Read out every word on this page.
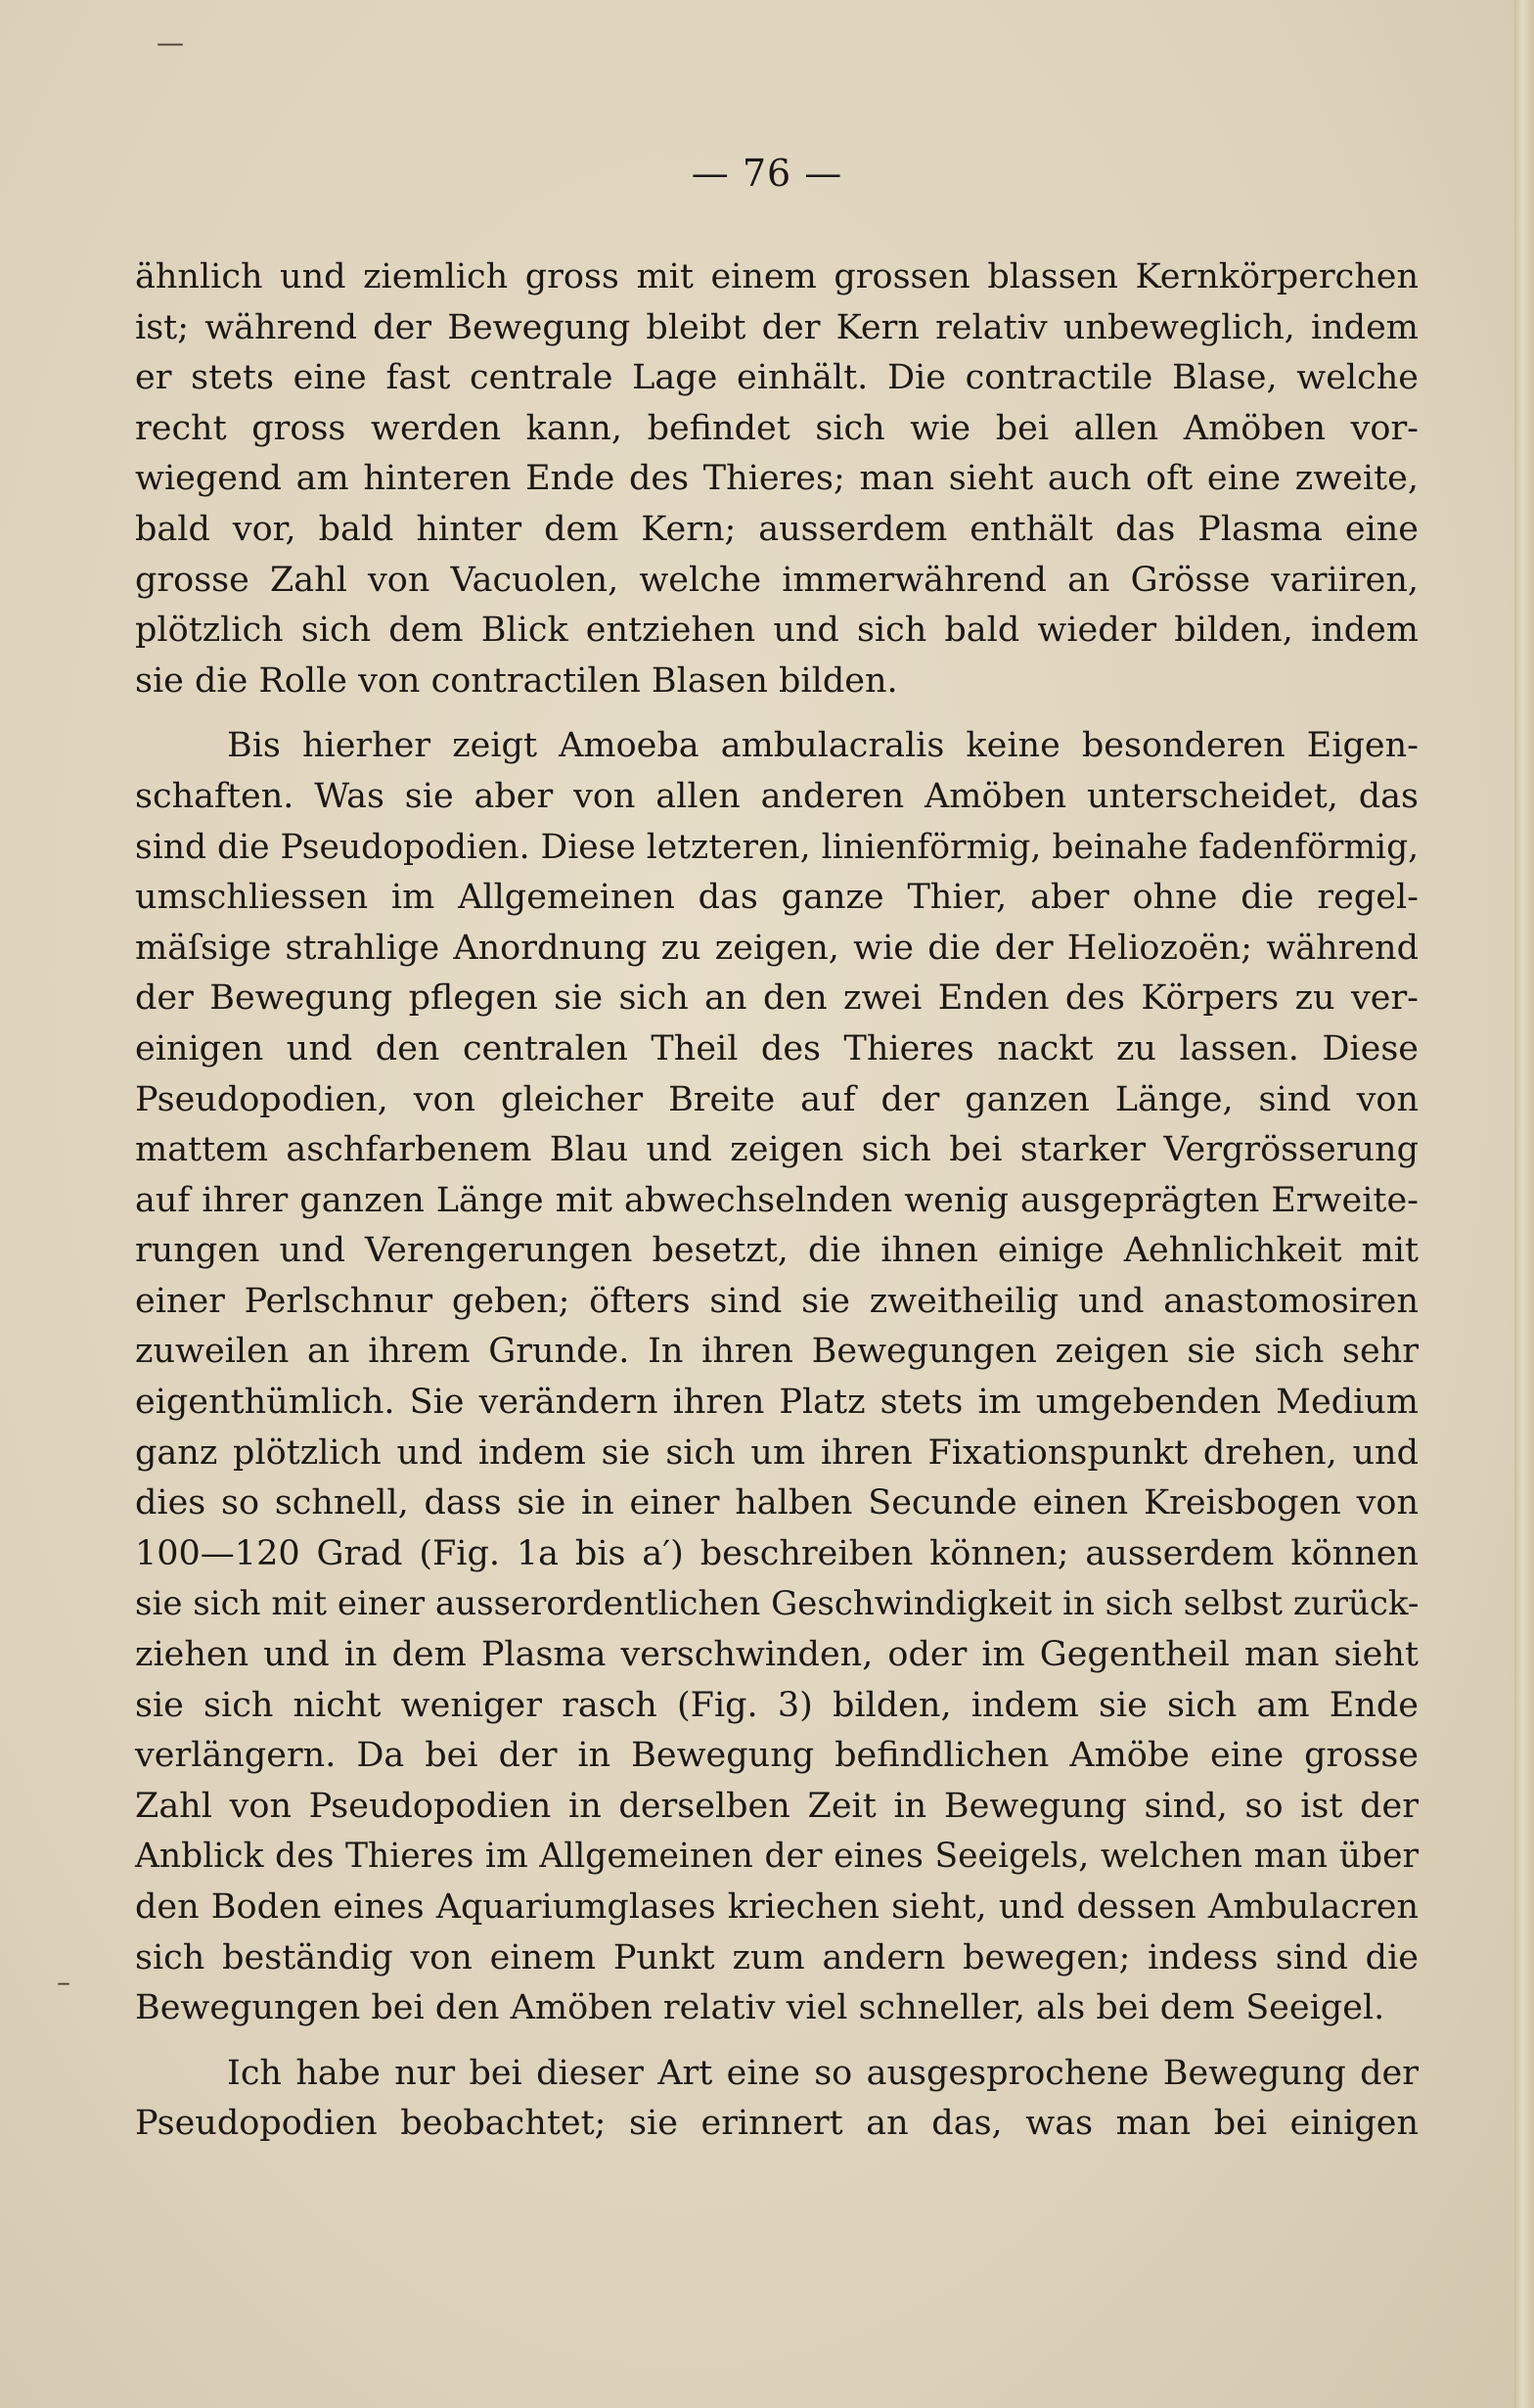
—
–
— 76 —
ähnlich und ziemlich gross mit einem grossen blassen Kernkörperchen
ist; während der Bewegung bleibt der Kern relativ unbeweglich, indem
er stets eine fast centrale Lage einhält. Die contractile Blase, welche
recht gross werden kann, befindet sich wie bei allen Amöben vor-
wiegend am hinteren Ende des Thieres; man sieht auch oft eine zweite,
bald vor, bald hinter dem Kern; ausserdem enthält das Plasma eine
grosse Zahl von Vacuolen, welche immerwährend an Grösse variiren,
plötzlich sich dem Blick entziehen und sich bald wieder bilden, indem
sie die Rolle von contractilen Blasen bilden.
Bis hierher zeigt Amoeba ambulacralis keine besonderen Eigen-
schaften. Was sie aber von allen anderen Amöben unterscheidet, das
sind die Pseudopodien. Diese letzteren, linienförmig, beinahe fadenförmig,
umschliessen im Allgemeinen das ganze Thier, aber ohne die regel-
mäſsige strahlige Anordnung zu zeigen, wie die der Heliozoën; während
der Bewegung pflegen sie sich an den zwei Enden des Körpers zu ver-
einigen und den centralen Theil des Thieres nackt zu lassen. Diese
Pseudopodien, von gleicher Breite auf der ganzen Länge, sind von
mattem aschfarbenem Blau und zeigen sich bei starker Vergrösserung
auf ihrer ganzen Länge mit abwechselnden wenig ausgeprägten Erweite-
rungen und Verengerungen besetzt, die ihnen einige Aehnlichkeit mit
einer Perlschnur geben; öfters sind sie zweitheilig und anastomosiren
zuweilen an ihrem Grunde. In ihren Bewegungen zeigen sie sich sehr
eigenthümlich. Sie verändern ihren Platz stets im umgebenden Medium
ganz plötzlich und indem sie sich um ihren Fixationspunkt drehen, und
dies so schnell, dass sie in einer halben Secunde einen Kreisbogen von
100—120 Grad (Fig. 1a bis a′) beschreiben können; ausserdem können
sie sich mit einer ausserordentlichen Geschwindigkeit in sich selbst zurück-
ziehen und in dem Plasma verschwinden, oder im Gegentheil man sieht
sie sich nicht weniger rasch (Fig. 3) bilden, indem sie sich am Ende
verlängern. Da bei der in Bewegung befindlichen Amöbe eine grosse
Zahl von Pseudopodien in derselben Zeit in Bewegung sind, so ist der
Anblick des Thieres im Allgemeinen der eines Seeigels, welchen man über
den Boden eines Aquariumglases kriechen sieht, und dessen Ambulacren
sich beständig von einem Punkt zum andern bewegen; indess sind die
Bewegungen bei den Amöben relativ viel schneller, als bei dem Seeigel.
Ich habe nur bei dieser Art eine so ausgesprochene Bewegung der
Pseudopodien beobachtet; sie erinnert an das, was man bei einigen
